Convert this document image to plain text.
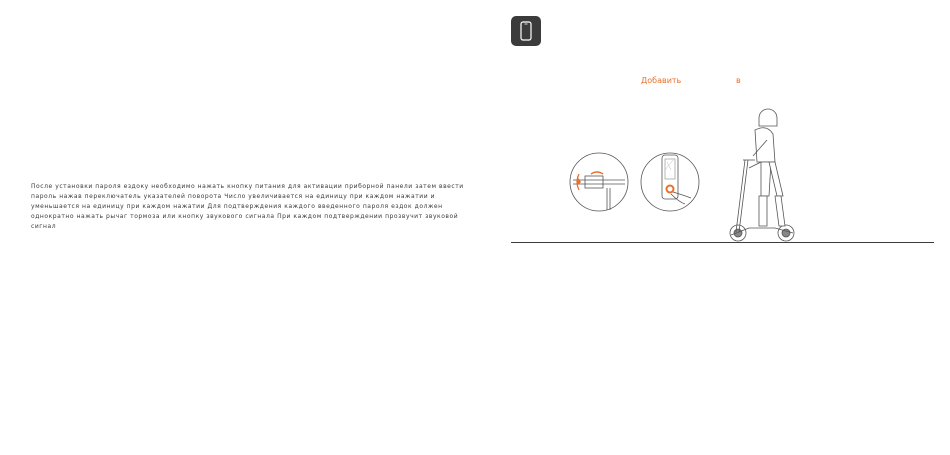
После установки пароля ездоку необходимо нажать кнопку питания для активации приборной панели затем ввести
пароль нажав переключатель указателей поворота Число увеличивается на единицу при каждом нажатии и
уменьшается на единицу при каждом нажатии Для подтверждения каждого введенного пароля ездок должен
однократно нажать рычаг тормоза или кнопку звукового сигнала При каждом подтверждении прозвучит звуковой
сигнал

Добавить	в
